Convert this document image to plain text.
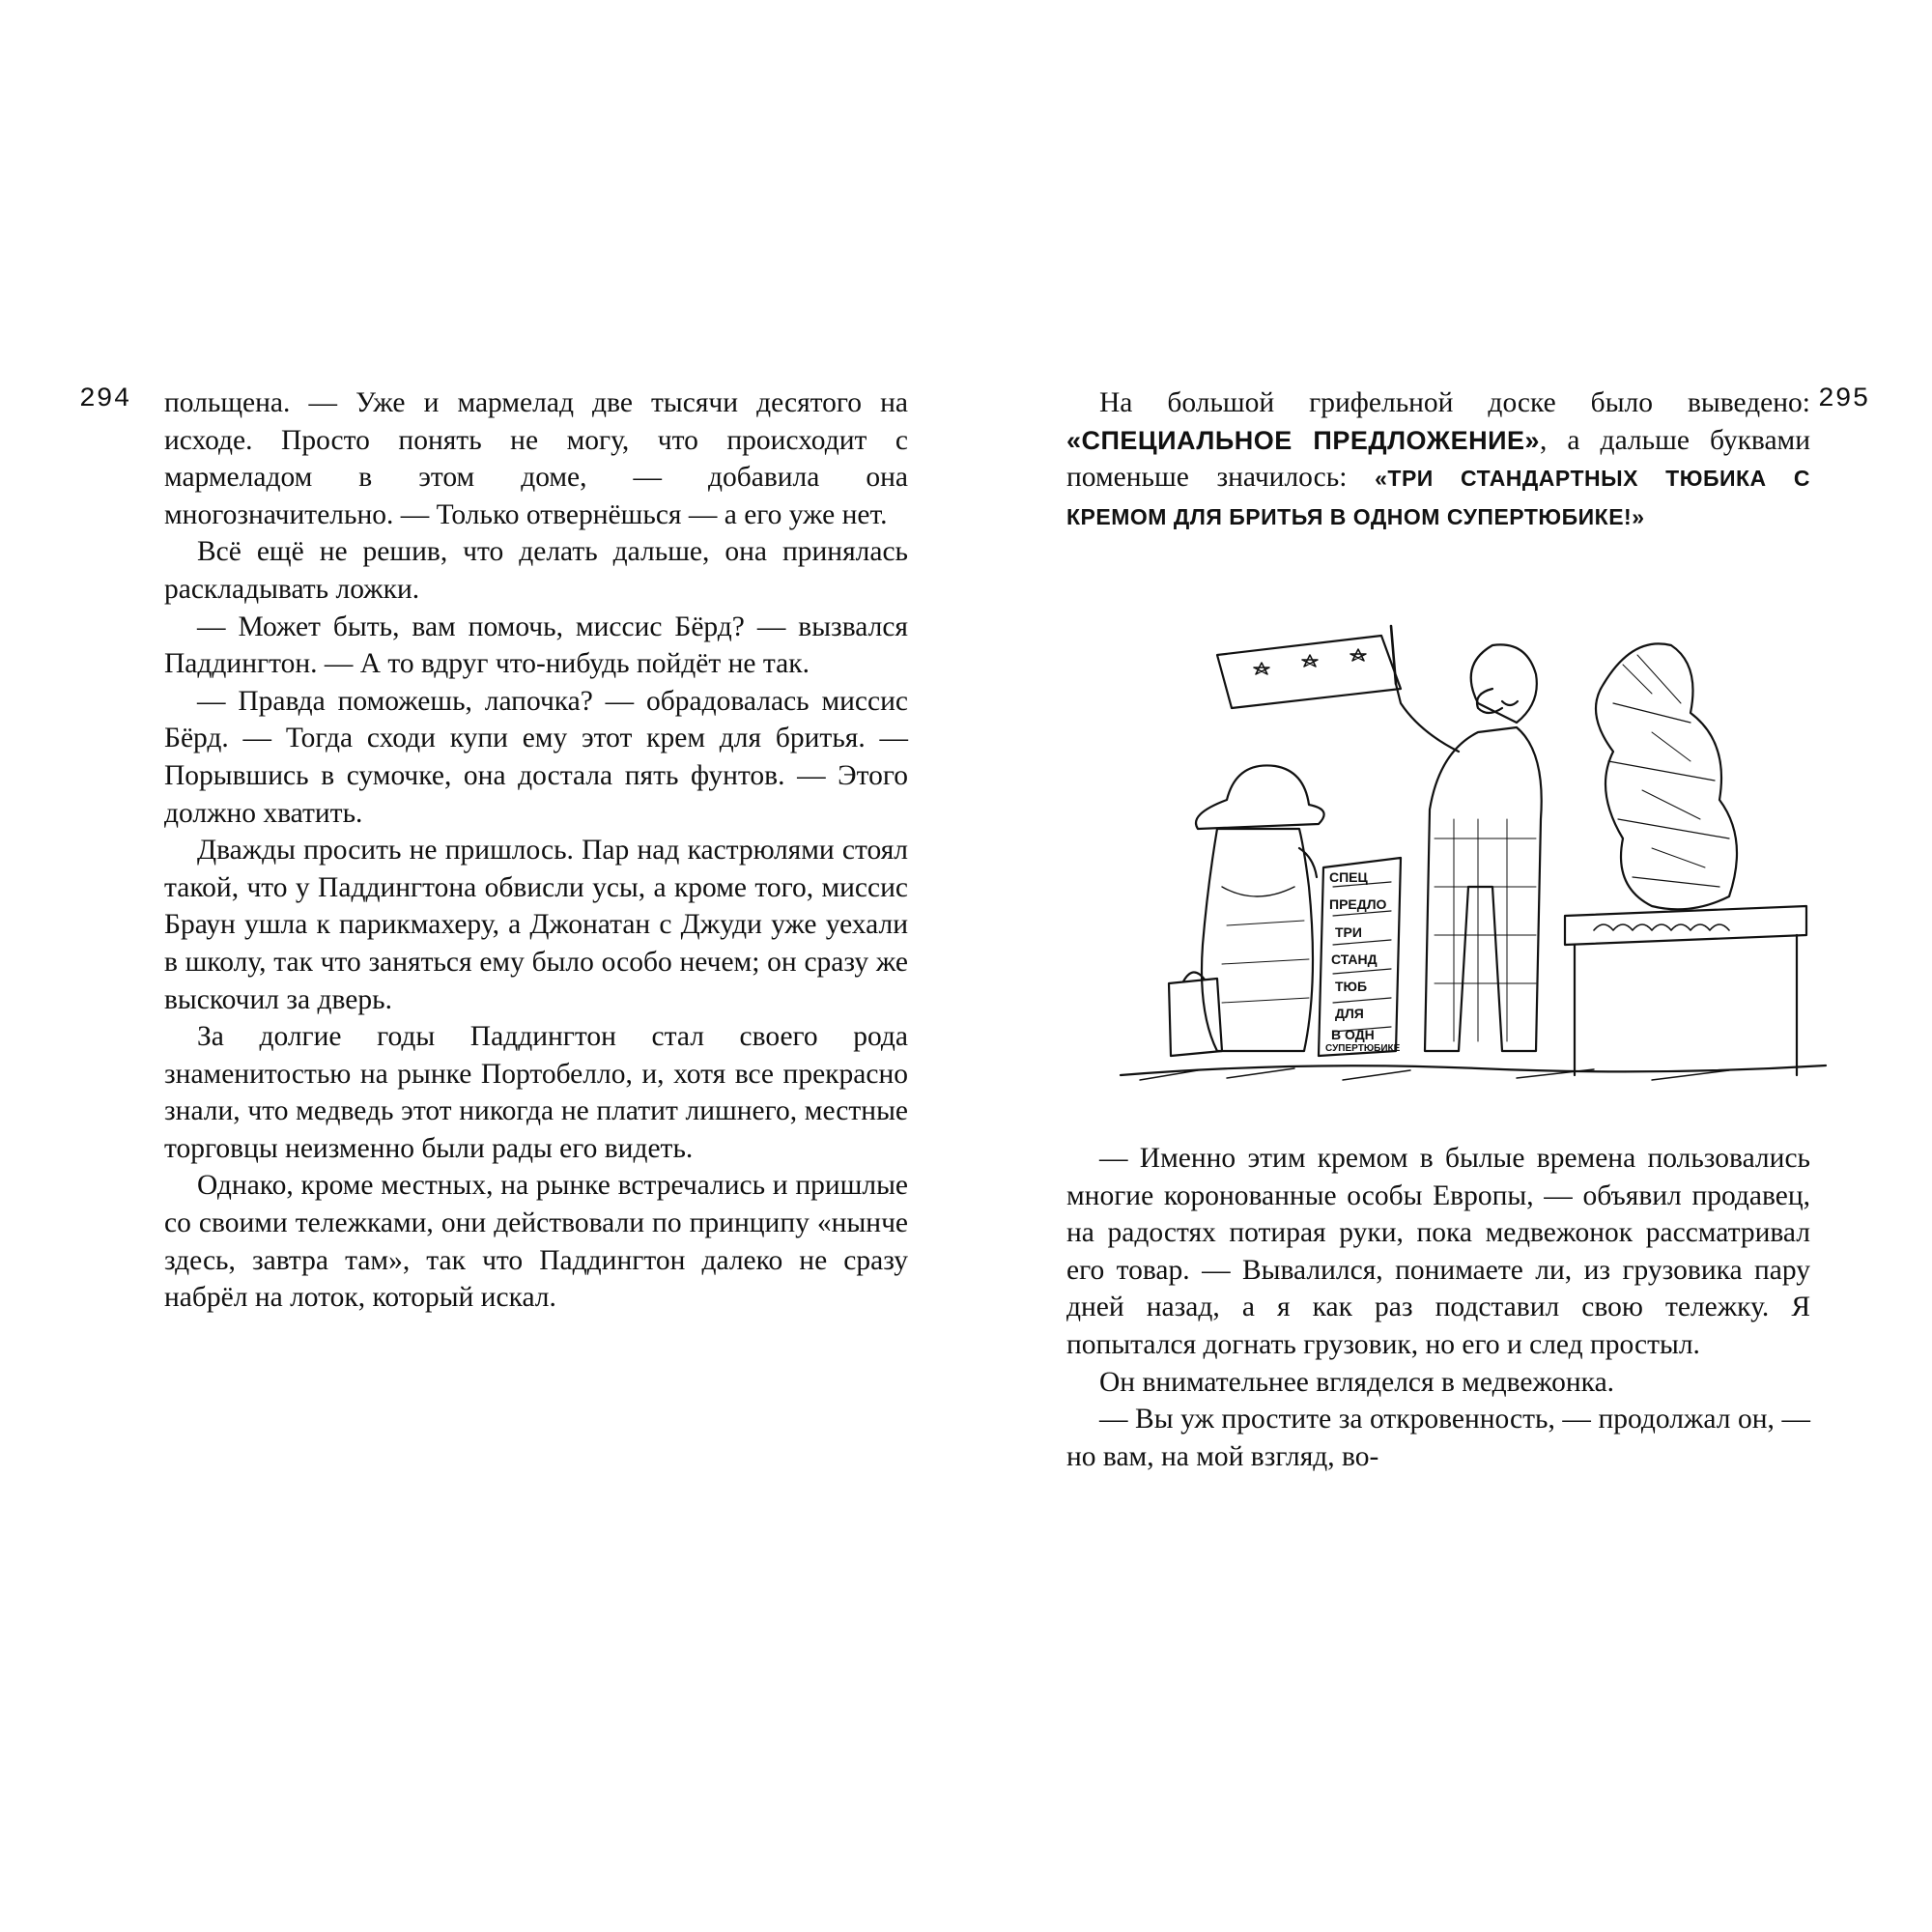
294 польщена. — Уже и мармелад две тысячи десятого на исходе. Просто понять не могу, что происходит с мармеладом в этом доме, — добавила она многозначительно. — Только отвернёшься — а его уже нет.

Всё ещё не решив, что делать дальше, она принялась раскладывать ложки.

— Может быть, вам помочь, миссис Бёрд? — вызвался Паддингтон. — А то вдруг что-нибудь пойдёт не так.

— Правда поможешь, лапочка? — обрадовалась миссис Бёрд. — Тогда сходи купи ему этот крем для бритья. — Порывшись в сумочке, она достала пять фунтов. — Этого должно хватить.

Дважды просить не пришлось. Пар над кастрюлями стоял такой, что у Паддингтона обвисли усы, а кроме того, миссис Браун ушла к парикмахеру, а Джонатан с Джуди уже уехали в школу, так что заняться ему было особо нечем; он сразу же выскочил за дверь.

За долгие годы Паддингтон стал своего рода знаменитостью на рынке Портобелло, и, хотя все прекрасно знали, что медведь этот никогда не платит лишнего, местные торговцы неизменно были рады его видеть.

Однако, кроме местных, на рынке встречались и пришлые со своими тележками, они действовали по принципу «нынче здесь, завтра там», так что Паддингтон далеко не сразу набрёл на лоток, который искал.

295

На большой грифельной доске было выведено: «СПЕЦИАЛЬНОЕ ПРЕДЛОЖЕНИЕ», а дальше буквами поменьше значилось: «ТРИ СТАНДАРТНЫХ ТЮБИКА С КРЕМОМ ДЛЯ БРИТЬЯ В ОДНОМ СУПЕРТЮБИКЕ!»

СПЕЦ
ПРЕДЛО
ТРИ
СТАНД
ТЮБ
ДЛЯ
В ОДН
СУПЕРТЮБИКЕ

— Именно этим кремом в былые времена пользовались многие коронованные особы Европы, — объявил продавец, на радостях потирая руки, пока медвежонок рассматривал его товар. — Вывалился, понимаете ли, из грузовика пару дней назад, а я как раз подставил свою тележку. Я попытался догнать грузовик, но его и след простыл.

Он внимательнее вгляделся в медвежонка.

— Вы уж простите за откровенность, — продолжал он, — но вам, на мой взгляд, во-
